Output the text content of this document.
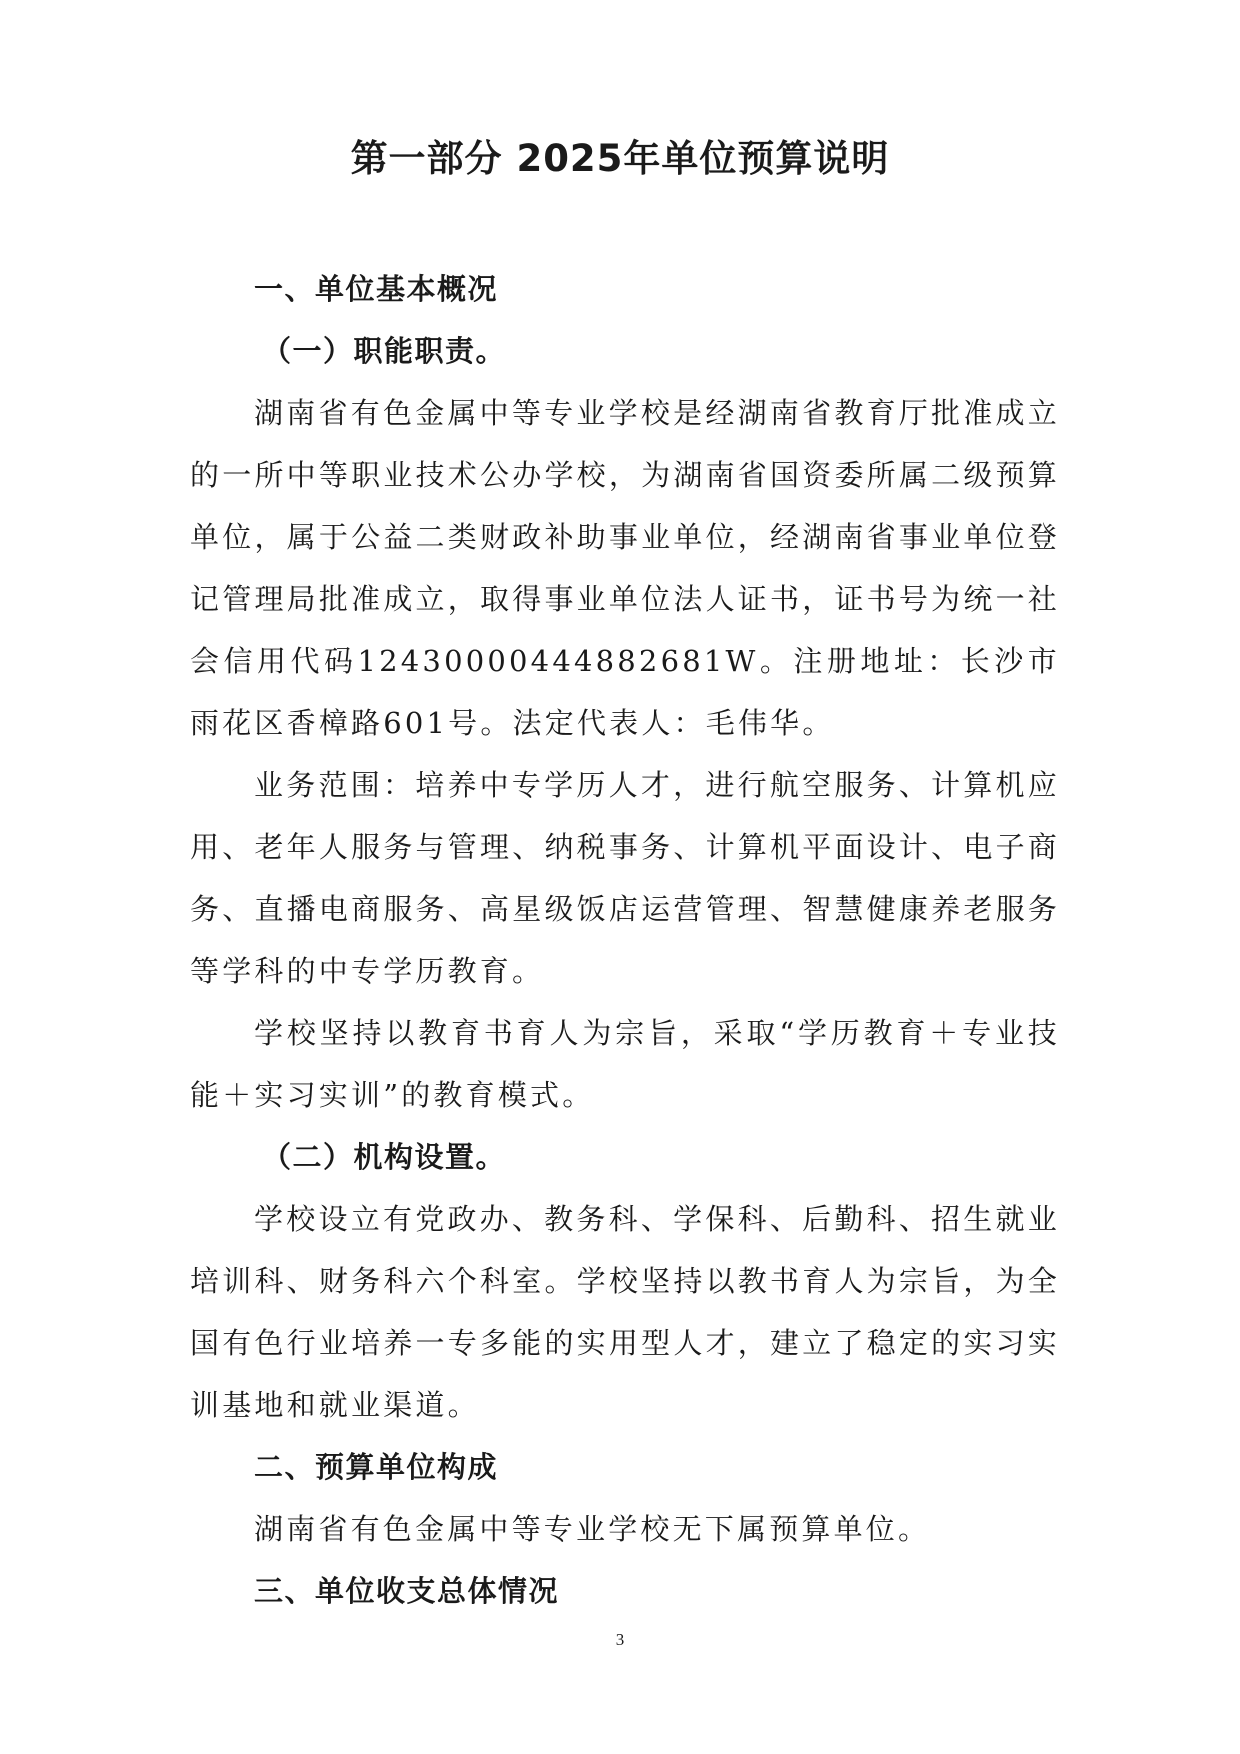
第一部分 2025年单位预算说明

一、单位基本概况

（一）职能职责。

湖南省有色金属中等专业学校是经湖南省教育厅批准成立的一所中等职业技术公办学校，为湖南省国资委所属二级预算单位，属于公益二类财政补助事业单位，经湖南省事业单位登记管理局批准成立，取得事业单位法人证书，证书号为统一社会信用代码12430000444882681W。注册地址：长沙市雨花区香樟路601号。法定代表人：毛伟华。

业务范围：培养中专学历人才，进行航空服务、计算机应用、老年人服务与管理、纳税事务、计算机平面设计、电子商务、直播电商服务、高星级饭店运营管理、智慧健康养老服务等学科的中专学历教育。

学校坚持以教育书育人为宗旨，采取“学历教育＋专业技能＋实习实训”的教育模式。

（二）机构设置。

学校设立有党政办、教务科、学保科、后勤科、招生就业培训科、财务科六个科室。学校坚持以教书育人为宗旨，为全国有色行业培养一专多能的实用型人才，建立了稳定的实习实训基地和就业渠道。

二、预算单位构成

湖南省有色金属中等专业学校无下属预算单位。

三、单位收支总体情况

3
